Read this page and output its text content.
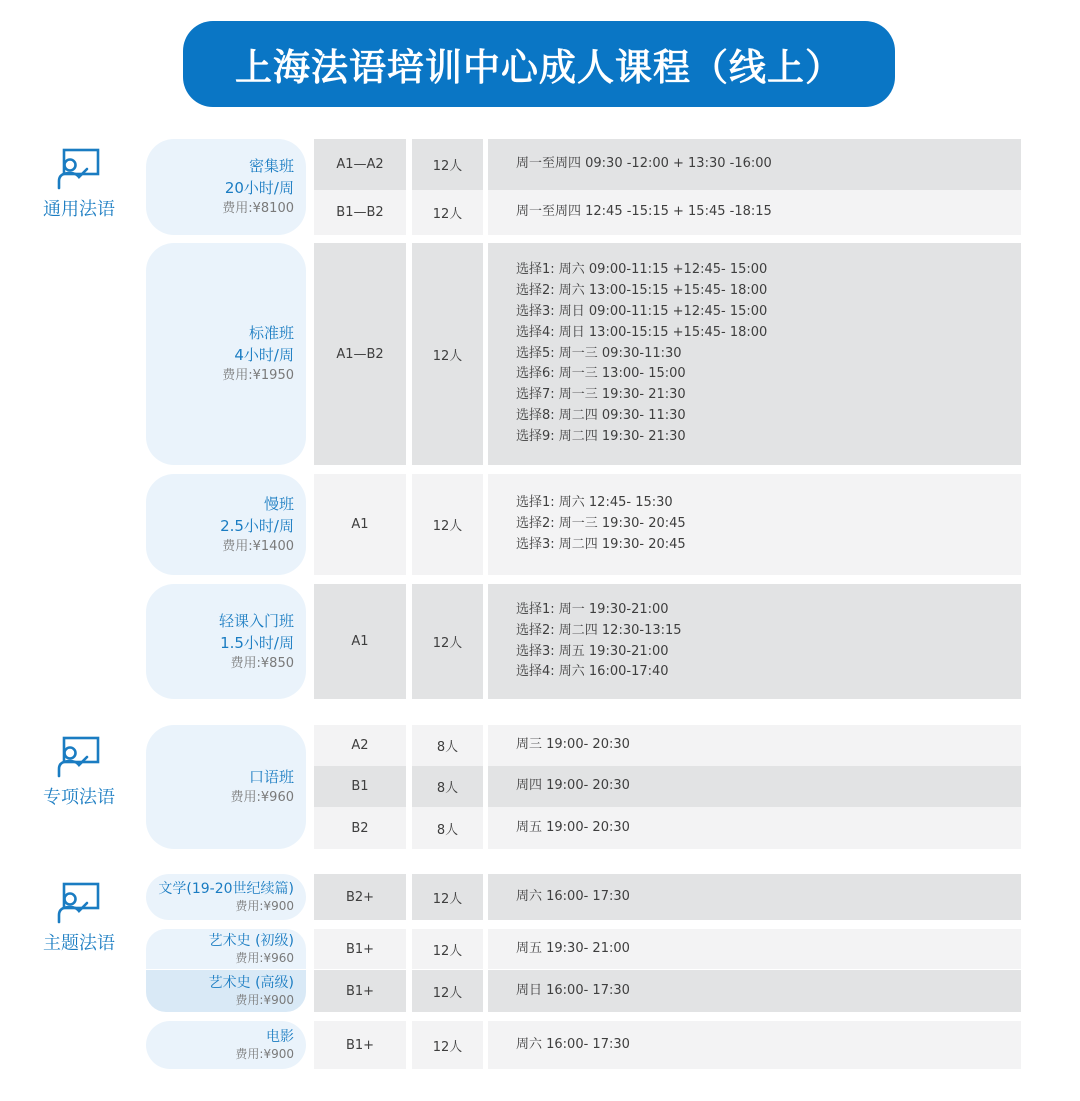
上海法语培训中心成人课程（线上）
通用法语
专项法语
主题法语
密集班
20小时/周
费用:¥8100
A1—A2	12人	周一至周四 09:30 -12:00 + 13:30 -16:00
B1—B2	12人	周一至周四 12:45 -15:15 + 15:45 -18:15
标准班
4小时/周
费用:¥1950
A1—B2	12人
选择1: 周六 09:00-11:15 +12:45- 15:00
选择2: 周六 13:00-15:15 +15:45- 18:00
选择3: 周日 09:00-11:15 +12:45- 15:00
选择4: 周日 13:00-15:15 +15:45- 18:00
选择5: 周一三 09:30-11:30
选择6: 周一三 13:00- 15:00
选择7: 周一三 19:30- 21:30
选择8: 周二四 09:30- 11:30
选择9: 周二四 19:30- 21:30
慢班
2.5小时/周
费用:¥1400
A1	12人
选择1: 周六 12:45- 15:30
选择2: 周一三 19:30- 20:45
选择3: 周二四 19:30- 20:45
轻课入门班
1.5小时/周
费用:¥850
A1	12人
选择1: 周一 19:30-21:00
选择2: 周二四 12:30-13:15
选择3: 周五 19:30-21:00
选择4: 周六 16:00-17:40
口语班
费用:¥960
A2	8人	周三 19:00- 20:30
B1	8人	周四 19:00- 20:30
B2	8人	周五 19:00- 20:30
文学(19-20世纪续篇)
费用:¥900
B2+	12人	周六 16:00- 17:30
艺术史 (初级)
费用:¥960
B1+	12人	周五 19:30- 21:00
艺术史 (高级)
费用:¥900
B1+	12人	周日 16:00- 17:30
电影
费用:¥900
B1+	12人	周六 16:00- 17:30
